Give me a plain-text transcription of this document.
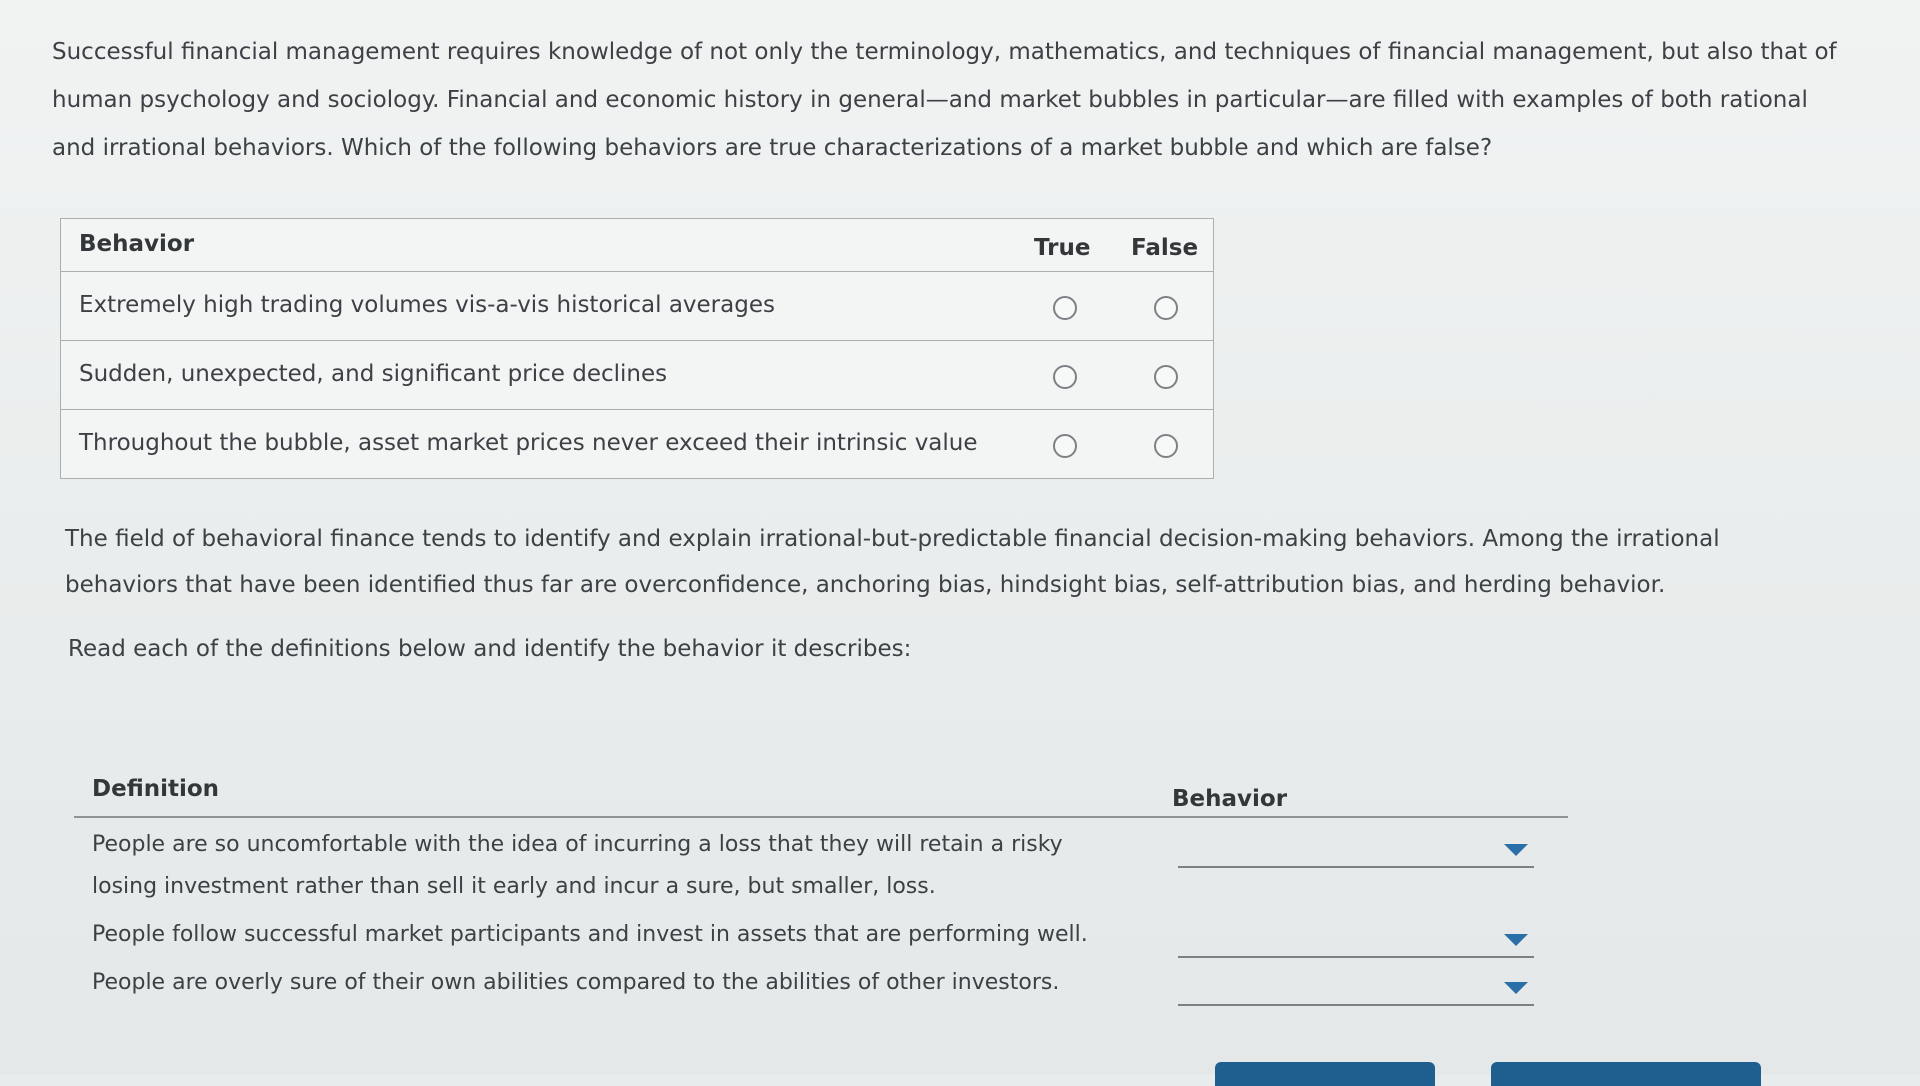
Successful financial management requires knowledge of not only the terminology, mathematics, and techniques of financial management, but also that of human psychology and sociology. Financial and economic history in general—and market bubbles in particular—are filled with examples of both rational and irrational behaviors. Which of the following behaviors are true characterizations of a market bubble and which are false?
Behavior	True False
Extremely high trading volumes vis-a-vis historical averages
Sudden, unexpected, and significant price declines
Throughout the bubble, asset market prices never exceed their intrinsic value
The field of behavioral finance tends to identify and explain irrational-but-predictable financial decision-making behaviors. Among the irrational behaviors that have been identified thus far are overconfidence, anchoring bias, hindsight bias, self-attribution bias, and herding behavior.
Read each of the definitions below and identify the behavior it describes:
Definition	Behavior
People are so uncomfortable with the idea of incurring a loss that they will retain a risky losing investment rather than sell it early and incur a sure, but smaller, loss.
People follow successful market participants and invest in assets that are performing well.
People are overly sure of their own abilities compared to the abilities of other investors.
